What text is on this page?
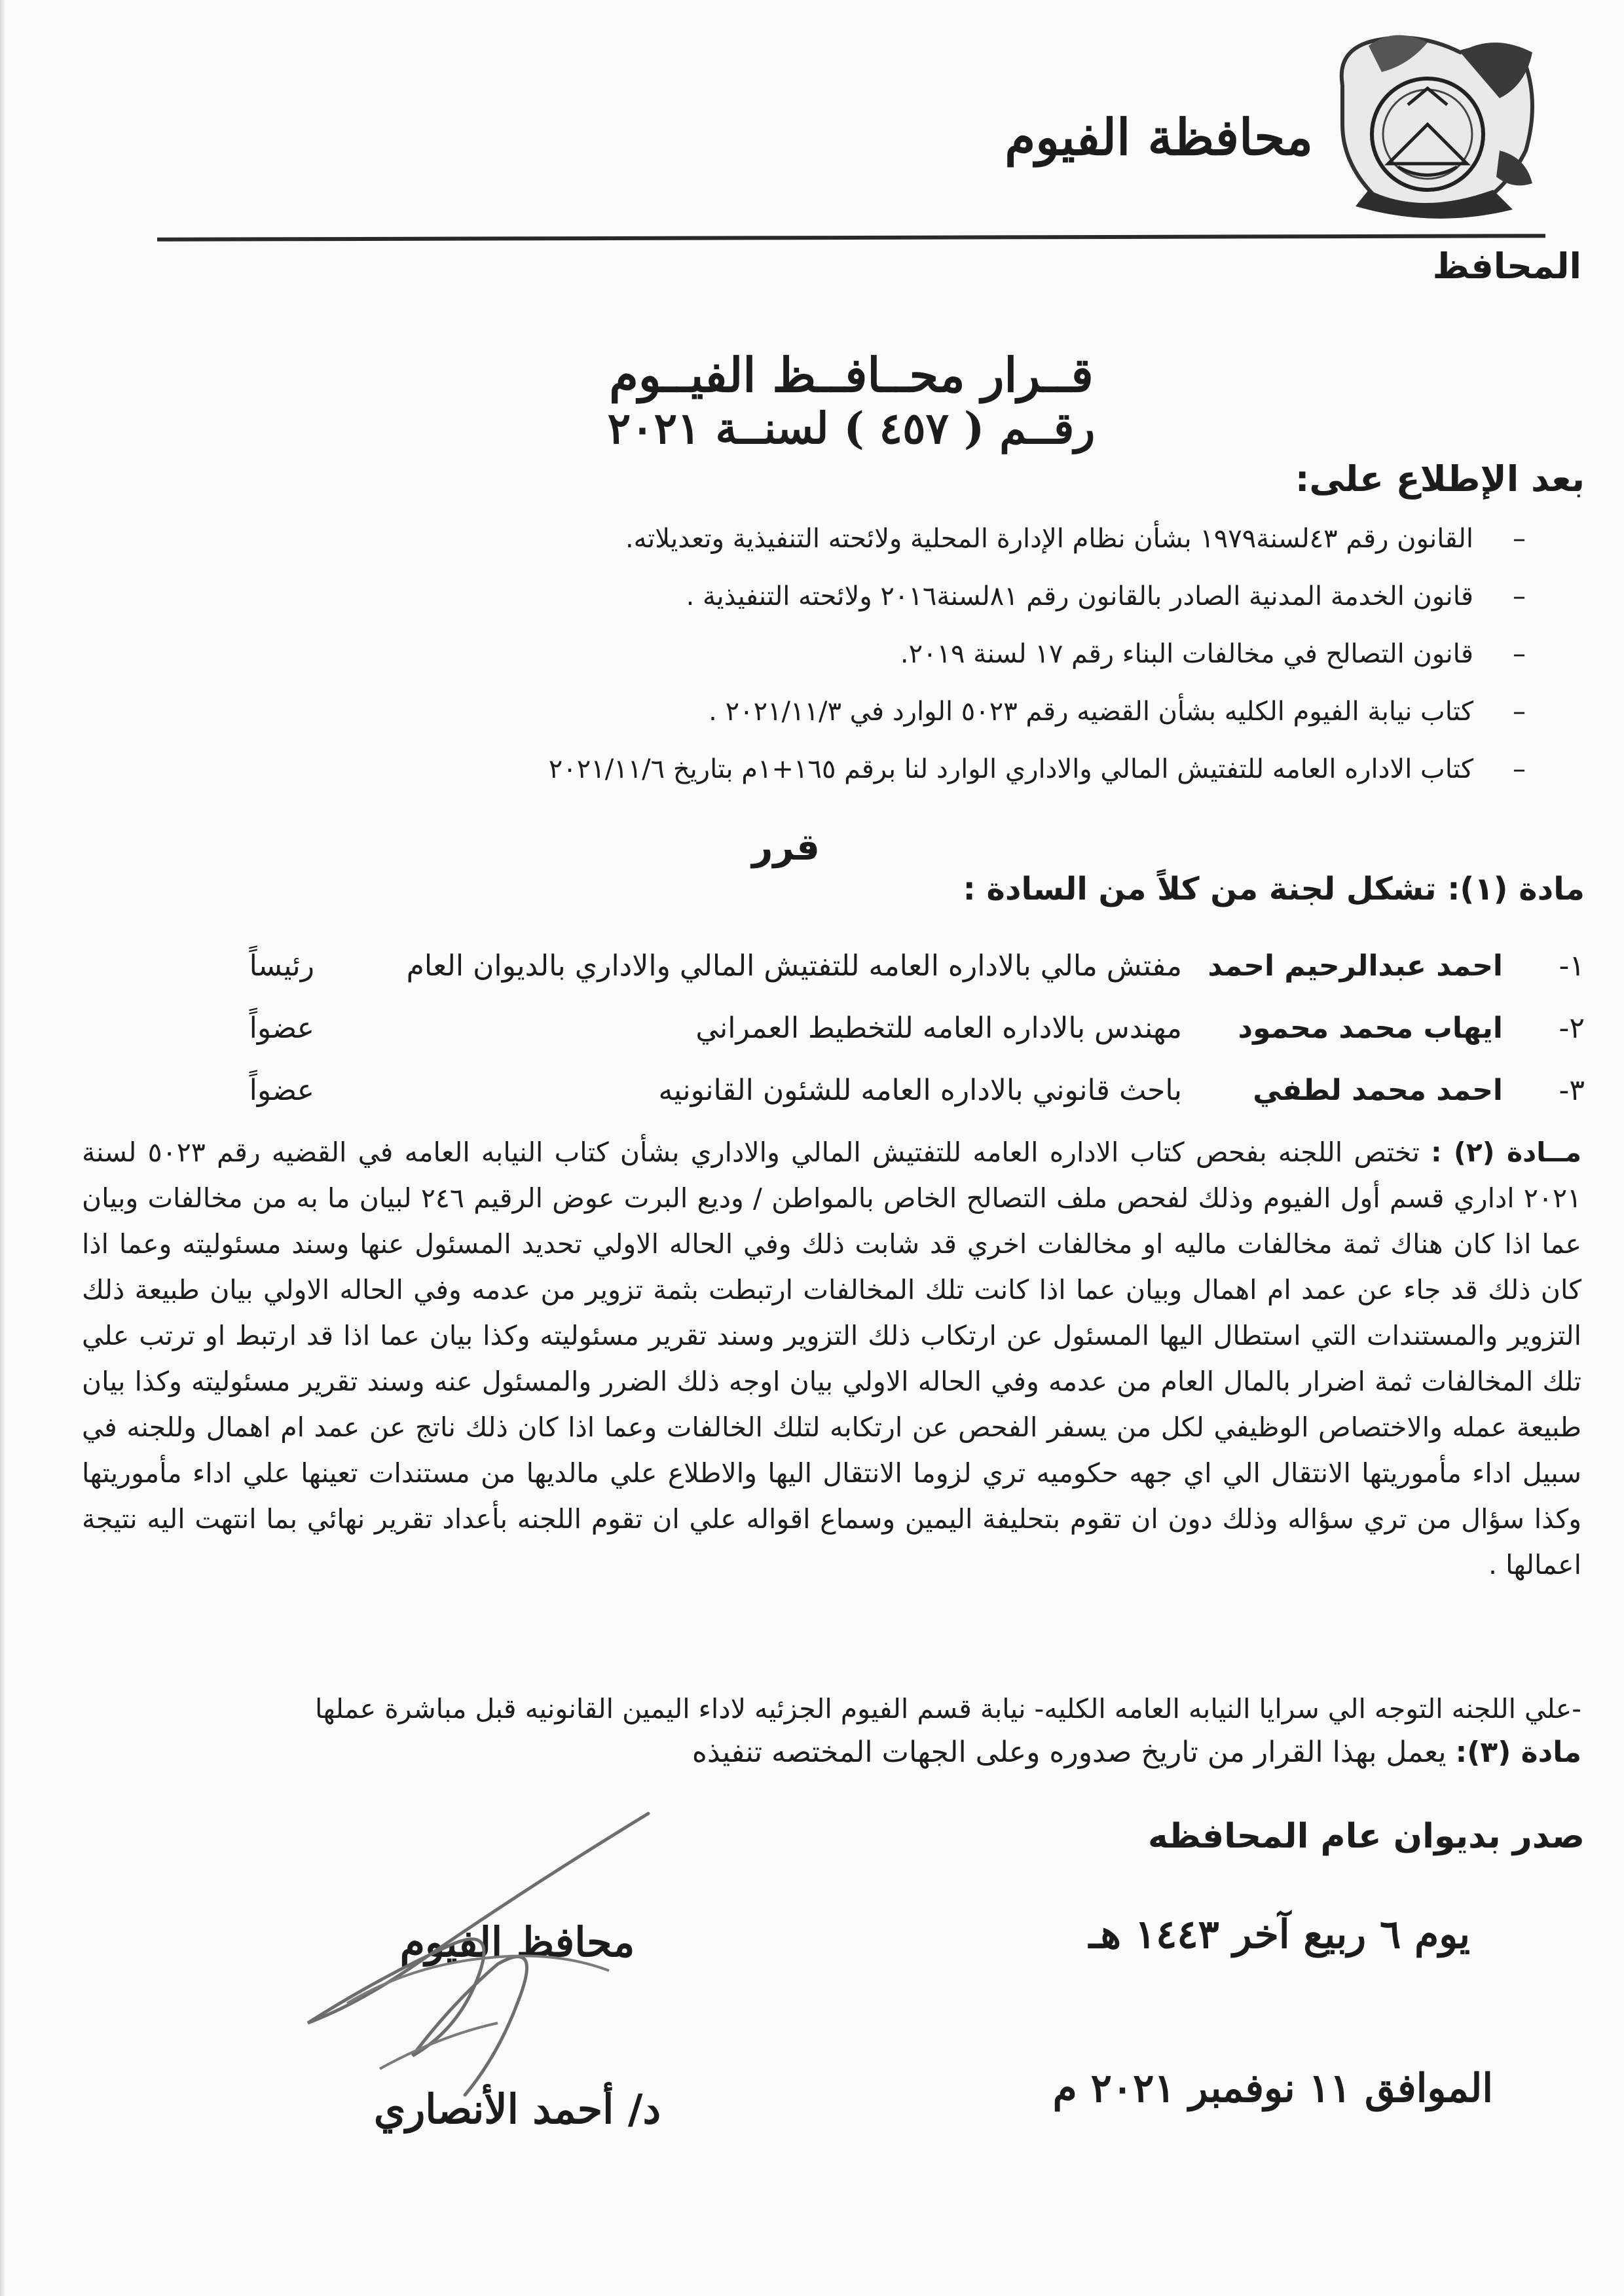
محافظة الفيوم
المحافظ
قــرار محــافــظ الفيــوم
رقــم ( ٤٥٧ ) لسنــة ٢٠٢١
بعد الإطلاع على:
–
القانون رقم ٤٣لسنة١٩٧٩ بشأن نظام الإدارة المحلية ولائحته التنفيذية وتعديلاته.
–
قانون الخدمة المدنية الصادر بالقانون رقم ٨١لسنة٢٠١٦ ولائحته التنفيذية .
–
قانون التصالح في مخالفات البناء رقم ١٧ لسنة ٢٠١٩.
–
كتاب نيابة الفيوم الكليه بشأن القضيه رقم ٥٠٢٣ الوارد في ٢٠٢١/١١/٣ .
–
كتاب الاداره العامه للتفتيش المالي والاداري الوارد لنا برقم ١٦٥+١م بتاريخ ٢٠٢١/١١/٦
قرر
مادة (١): تشكل لجنة من كلاً من السادة :
١-
احمد عبدالرحيم احمد
مفتش مالي بالاداره العامه للتفتيش المالي والاداري بالديوان العام
رئيساً
٢-
ايهاب محمد محمود
مهندس بالاداره العامه للتخطيط العمراني
عضواً
٣-
احمد محمد لطفي
باحث قانوني بالاداره العامه للشئون القانونيه
عضواً
مــادة (٢) : تختص اللجنه بفحص كتاب الاداره العامه للتفتيش المالي والاداري بشأن كتاب النيابه العامه في القضيه رقم ٥٠٢٣ لسنة ٢٠٢١ اداري قسم أول الفيوم وذلك لفحص ملف التصالح الخاص بالمواطن / وديع البرت عوض الرقيم ٢٤٦ لبيان ما به من مخالفات وبيان عما اذا كان هناك ثمة مخالفات ماليه او مخالفات اخري قد شابت ذلك وفي الحاله الاولي تحديد المسئول عنها وسند مسئوليته وعما اذا كان ذلك قد جاء عن عمد ام اهمال وبيان عما اذا كانت تلك المخالفات ارتبطت بثمة تزوير من عدمه وفي الحاله الاولي بيان طبيعة ذلك التزوير والمستندات التي استطال اليها المسئول عن ارتكاب ذلك التزوير وسند تقرير مسئوليته وكذا بيان عما اذا قد ارتبط او ترتب علي تلك المخالفات ثمة اضرار بالمال العام من عدمه وفي الحاله الاولي بيان اوجه ذلك الضرر والمسئول عنه وسند تقرير مسئوليته وكذا بيان طبيعة عمله والاختصاص الوظيفي لكل من يسفر الفحص عن ارتكابه لتلك الخالفات وعما اذا كان ذلك ناتج عن عمد ام اهمال وللجنه في سبيل اداء مأموريتها الانتقال الي اي جهه حكوميه تري لزوما الانتقال اليها والاطلاع علي مالديها من مستندات تعينها علي اداء مأموريتها وكذا سؤال من تري سؤاله وذلك دون ان تقوم بتحليفة اليمين وسماع اقواله علي ان تقوم اللجنه بأعداد تقرير نهائي بما انتهت اليه نتيجة اعمالها .
-علي اللجنه التوجه الي سرايا النيابه العامه الكليه- نيابة قسم الفيوم الجزئيه لاداء اليمين القانونيه قبل مباشرة عملها
مادة (٣): يعمل بهذا القرار من تاريخ صدوره وعلى الجهات المختصه تنفيذه
صدر بديوان عام المحافظه
يوم ٦ ربيع آخر ١٤٤٣ هـ
الموافق ١١ نوفمبر ٢٠٢١ م
محافظ الفيوم
د/ أحمد الأنصاري
